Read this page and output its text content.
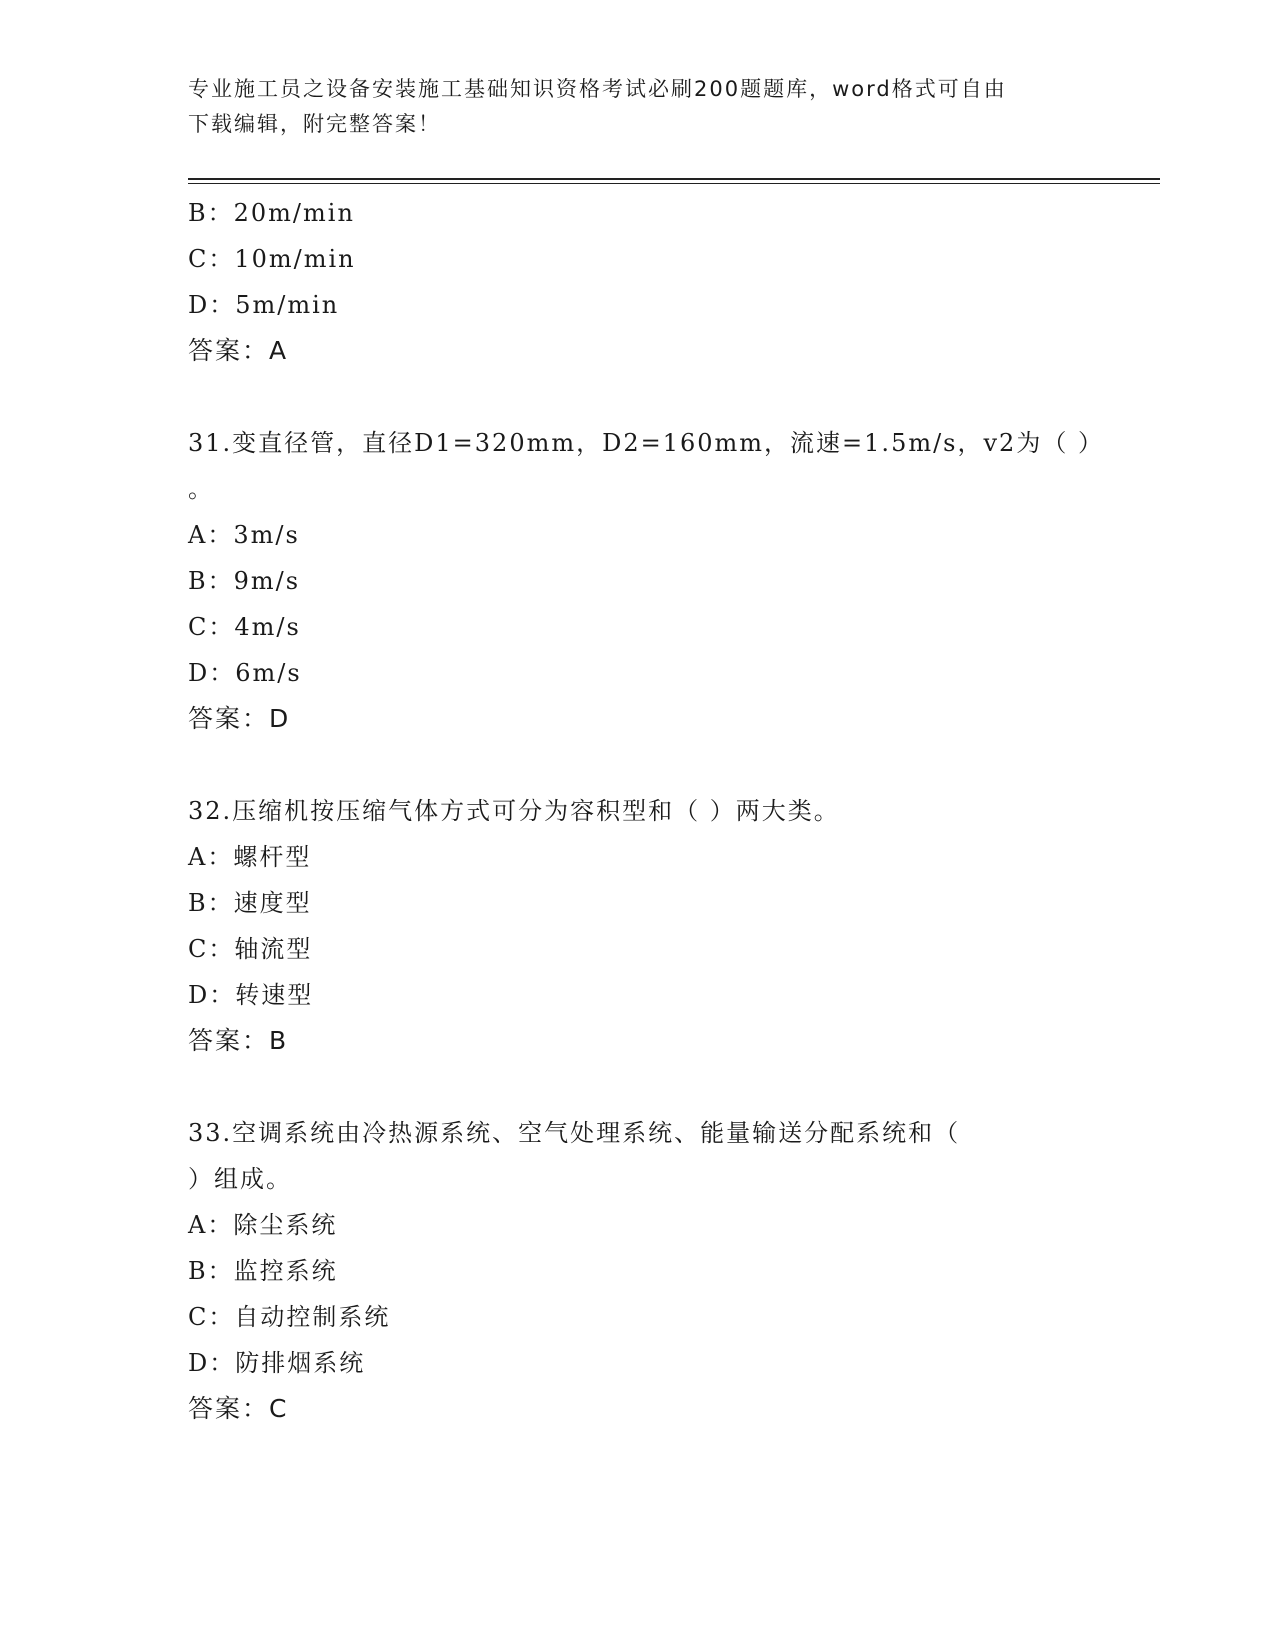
专业施工员之设备安装施工基础知识资格考试必刷200题题库，word格式可自由
下载编辑，附完整答案！
B：20m/min
C：10m/min
D：5m/min
答案：A
31.变直径管，直径D1=320mm，D2=160mm，流速=1.5m/s，v2为（ ）
。
A：3m/s
B：9m/s
C：4m/s
D：6m/s
答案：D
32.压缩机按压缩气体方式可分为容积型和（ ）两大类。
A：螺杆型
B：速度型
C：轴流型
D：转速型
答案：B
33.空调系统由冷热源系统、空气处理系统、能量输送分配系统和（
）组成。
A：除尘系统
B：监控系统
C：自动控制系统
D：防排烟系统
答案：C
